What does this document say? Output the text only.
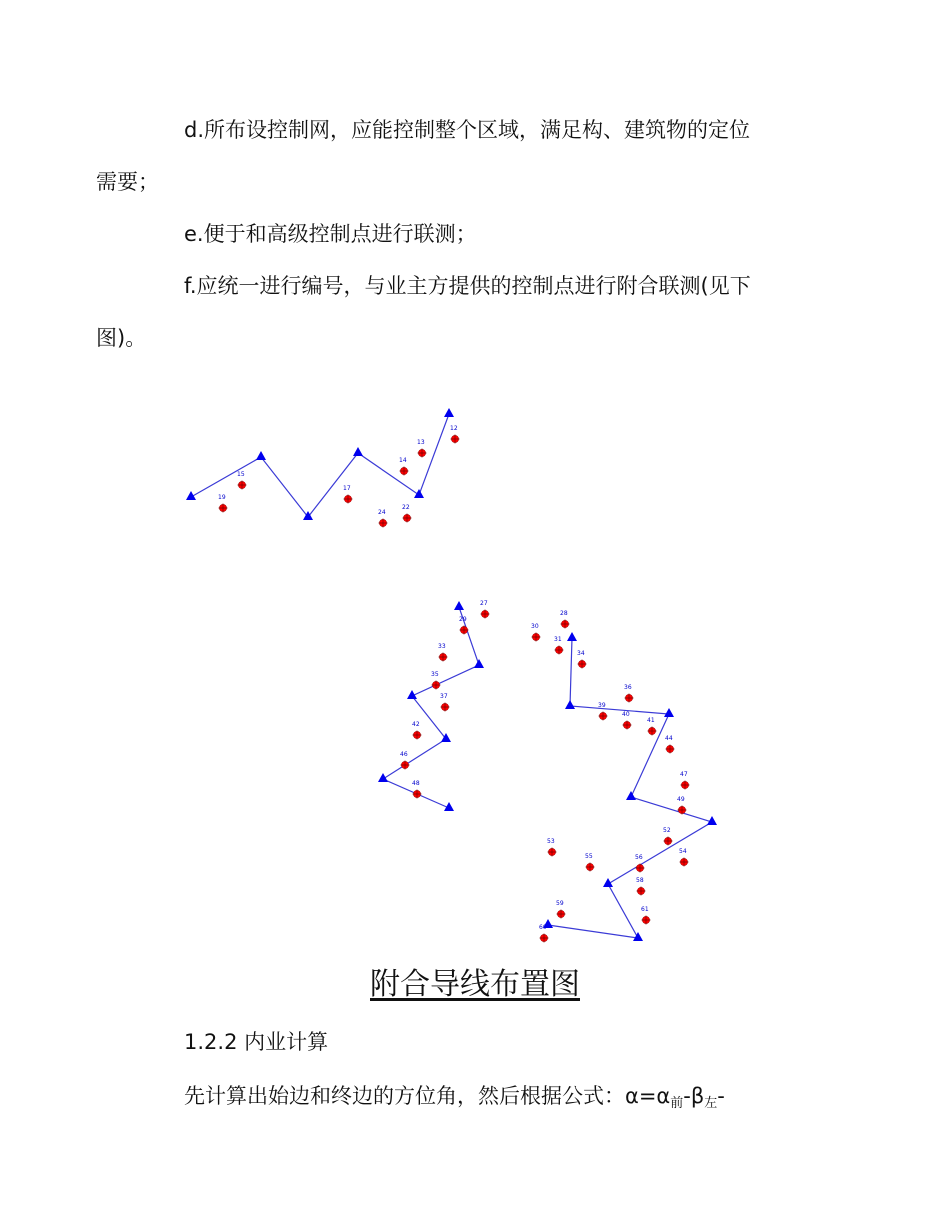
d.所布设控制网，应能控制整个区域，满足构、建筑物的定位
需要；
e.便于和高级控制点进行联测；
f.应统一进行编号，与业主方提供的控制点进行附合联测(见下
图)。
12
13
14
15
17
19
22
24
27
28
29
30
31
33
34
35
36
37
39
40
41
42
44
46
47
48
49
52
53
54
55	56
58
59
60
61
附合导线布置图
1.2.2 内业计算
先计算出始边和终边的方位角，然后根据公式：$\alpha=\alpha_前-\beta_左-$
